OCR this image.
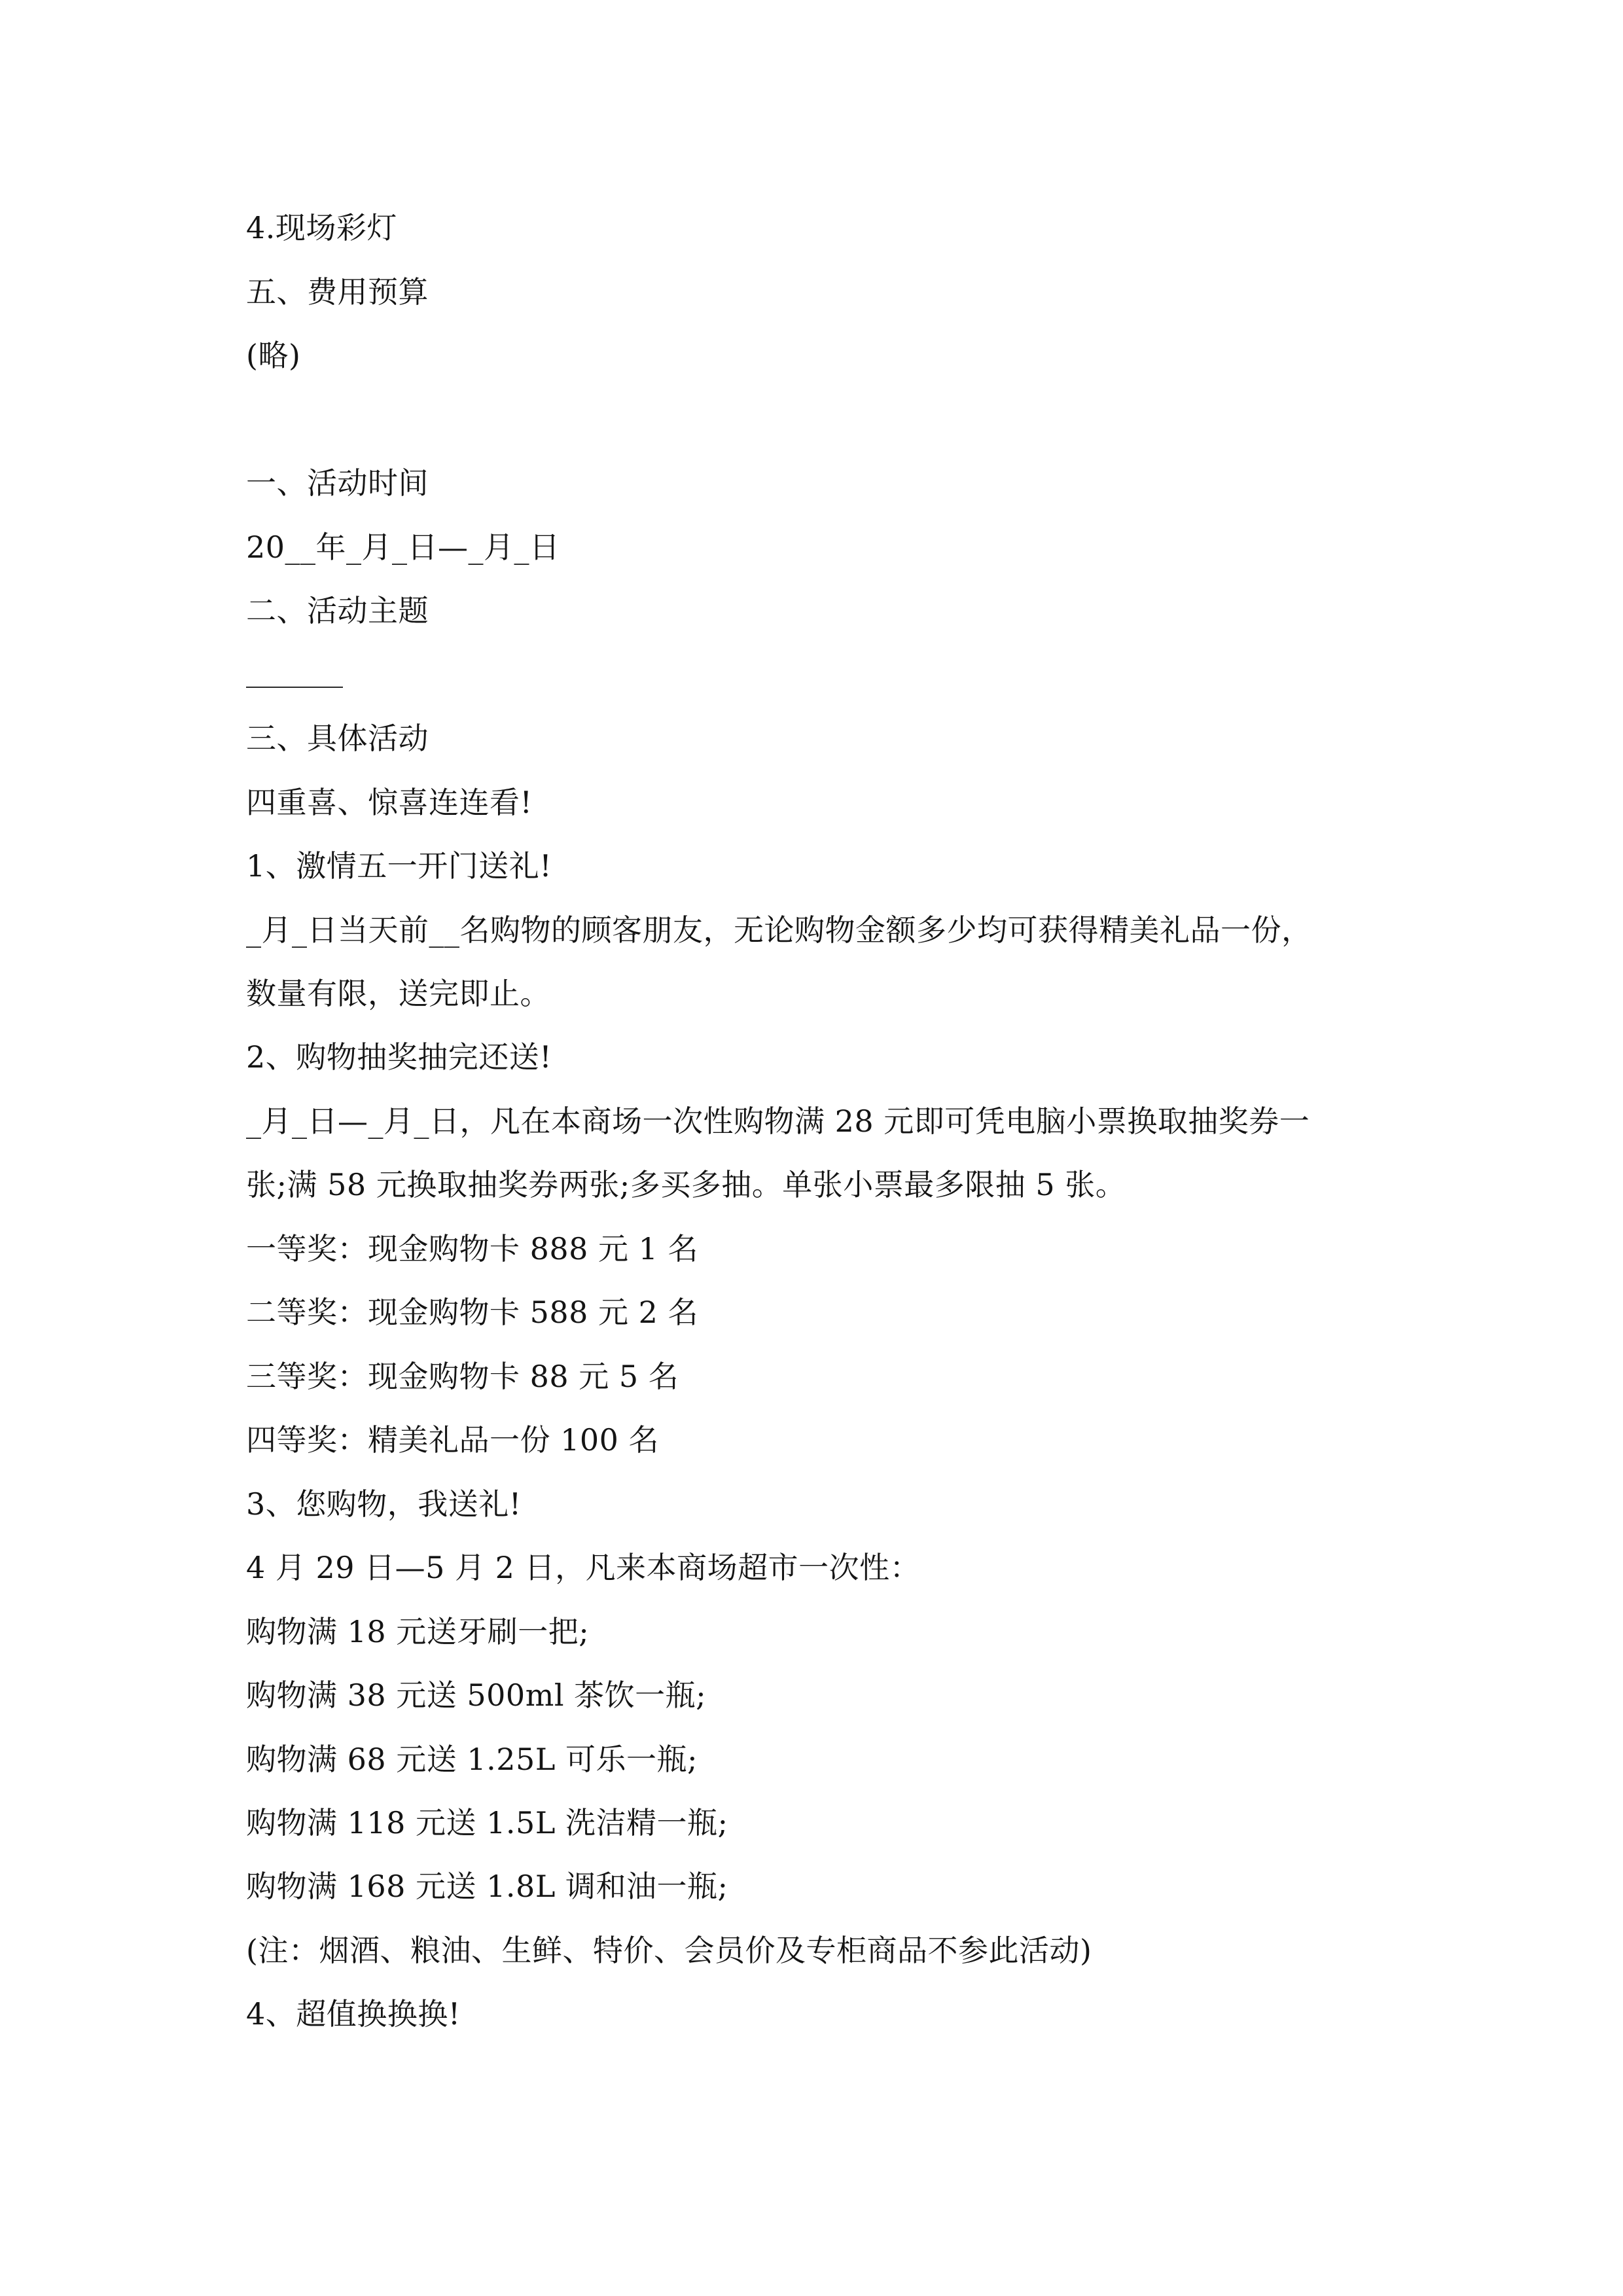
4.现场彩灯
五、费用预算
(略)
一、活动时间
20__年_月_日—_月_日
二、活动主题
三、具体活动
四重喜、惊喜连连看!
1、激情五一开门送礼!
_月_日当天前__名购物的顾客朋友，无论购物金额多少均可获得精美礼品一份，
数量有限，送完即止。
2、购物抽奖抽完还送!
_月_日—_月_日，凡在本商场一次性购物满 28 元即可凭电脑小票换取抽奖券一
张;满 58 元换取抽奖券两张;多买多抽。单张小票最多限抽 5 张。
一等奖：现金购物卡 888 元 1 名
二等奖：现金购物卡 588 元 2 名
三等奖：现金购物卡 88 元 5 名
四等奖：精美礼品一份 100 名
3、您购物，我送礼!
4 月 29 日—5 月 2 日，凡来本商场超市一次性：
购物满 18 元送牙刷一把;
购物满 38 元送 500ml 茶饮一瓶;
购物满 68 元送 1.25L 可乐一瓶;
购物满 118 元送 1.5L 洗洁精一瓶;
购物满 168 元送 1.8L 调和油一瓶;
(注：烟酒、粮油、生鲜、特价、会员价及专柜商品不参此活动)
4、超值换换换!
